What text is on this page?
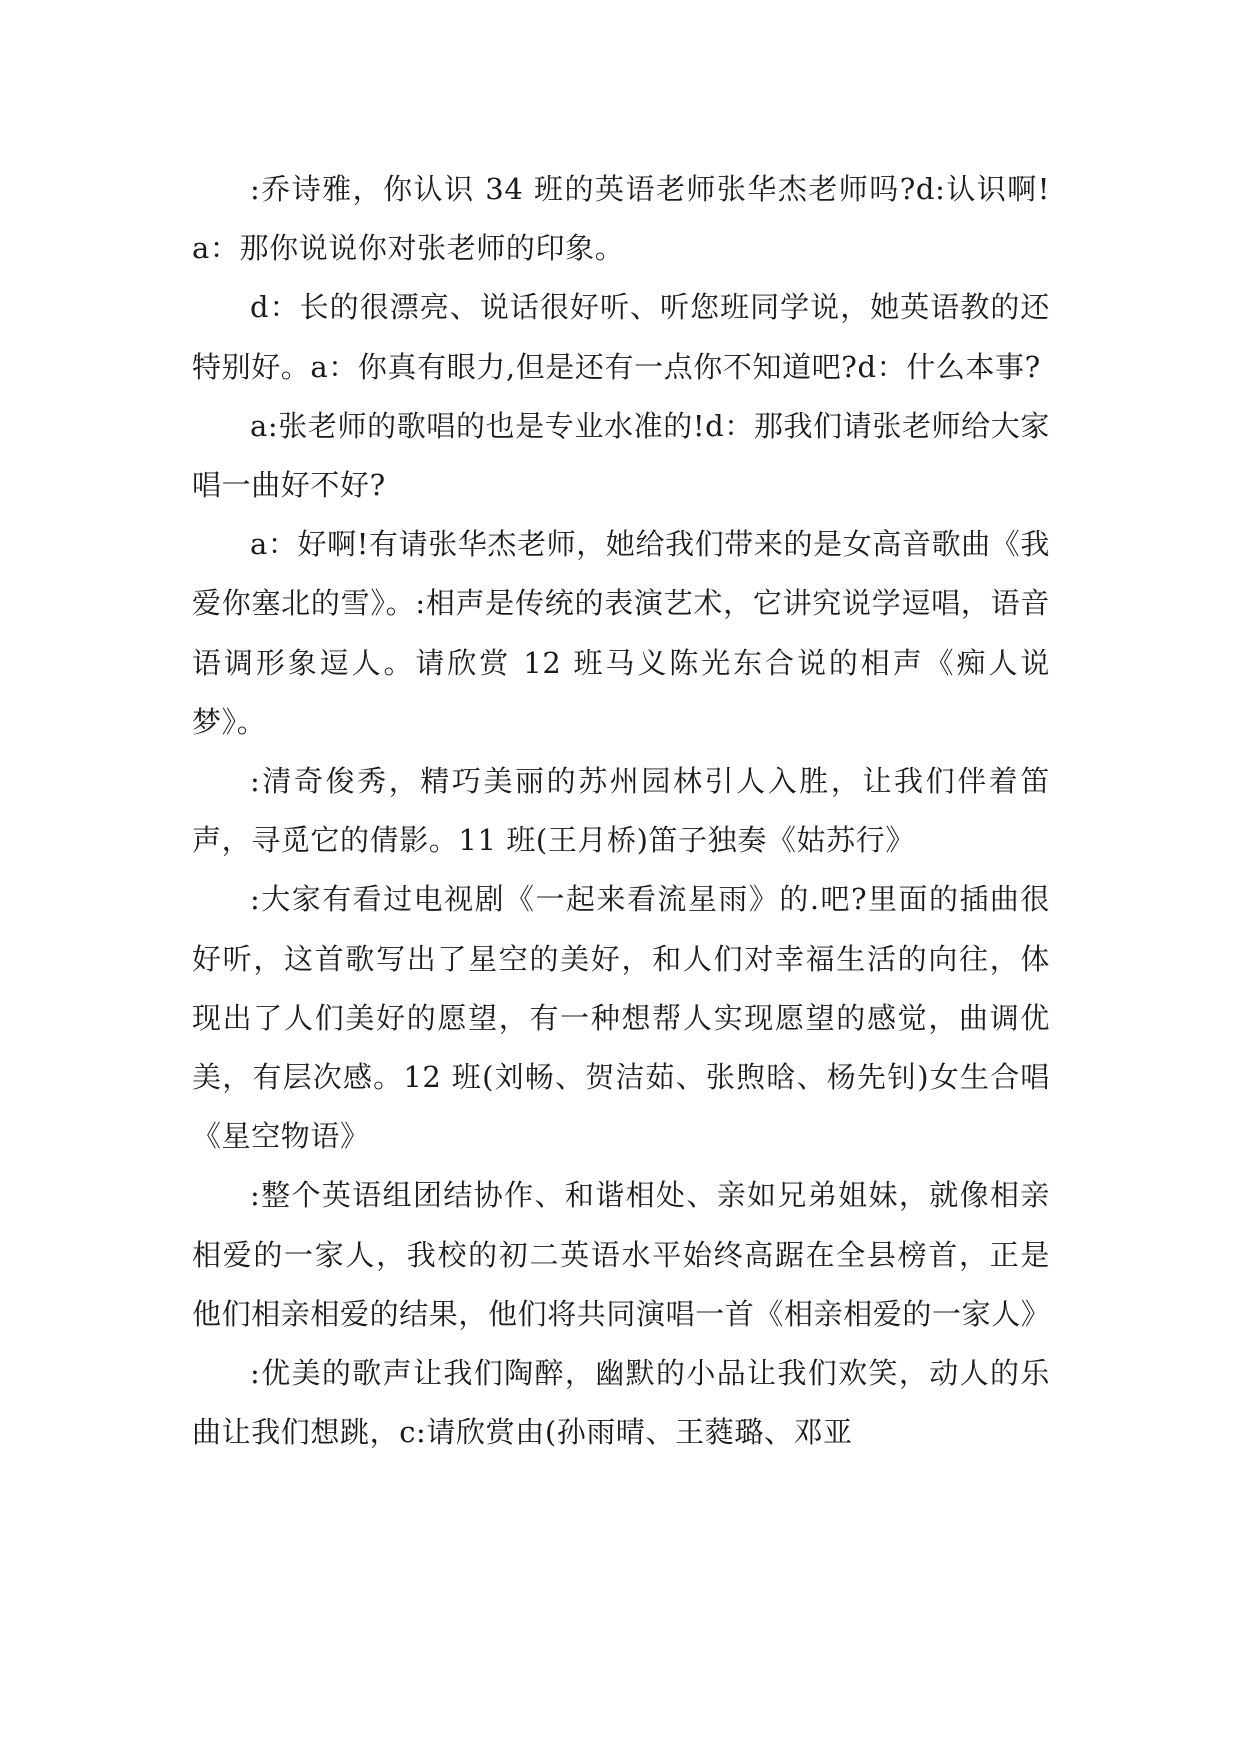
:乔诗雅，你认识 34 班的英语老师张华杰老师吗?d:认识啊! a：那你说说你对张老师的印象。

d：长的很漂亮、说话很好听、听您班同学说，她英语教的还特别好。a：你真有眼力,但是还有一点你不知道吧?d：什么本事?

a:张老师的歌唱的也是专业水准的!d：那我们请张老师给大家唱一曲好不好?

a：好啊!有请张华杰老师，她给我们带来的是女高音歌曲《我爱你塞北的雪》。:相声是传统的表演艺术，它讲究说学逗唱，语音语调形象逗人。请欣赏 12 班马义陈光东合说的相声《痴人说梦》。

:清奇俊秀，精巧美丽的苏州园林引人入胜，让我们伴着笛声，寻觅它的倩影。11 班(王月桥)笛子独奏《姑苏行》

:大家有看过电视剧《一起来看流星雨》的.吧?里面的插曲很好听，这首歌写出了星空的美好，和人们对幸福生活的向往，体现出了人们美好的愿望，有一种想帮人实现愿望的感觉，曲调优美，有层次感。12 班(刘畅、贺洁茹、张煦晗、杨先钊)女生合唱《星空物语》

:整个英语组团结协作、和谐相处、亲如兄弟姐妹，就像相亲相爱的一家人，我校的初二英语水平始终高踞在全县榜首，正是他们相亲相爱的结果，他们将共同演唱一首《相亲相爱的一家人》

:优美的歌声让我们陶醉，幽默的小品让我们欢笑，动人的乐曲让我们想跳，c:请欣赏由(孙雨晴、王蕤璐、邓亚
